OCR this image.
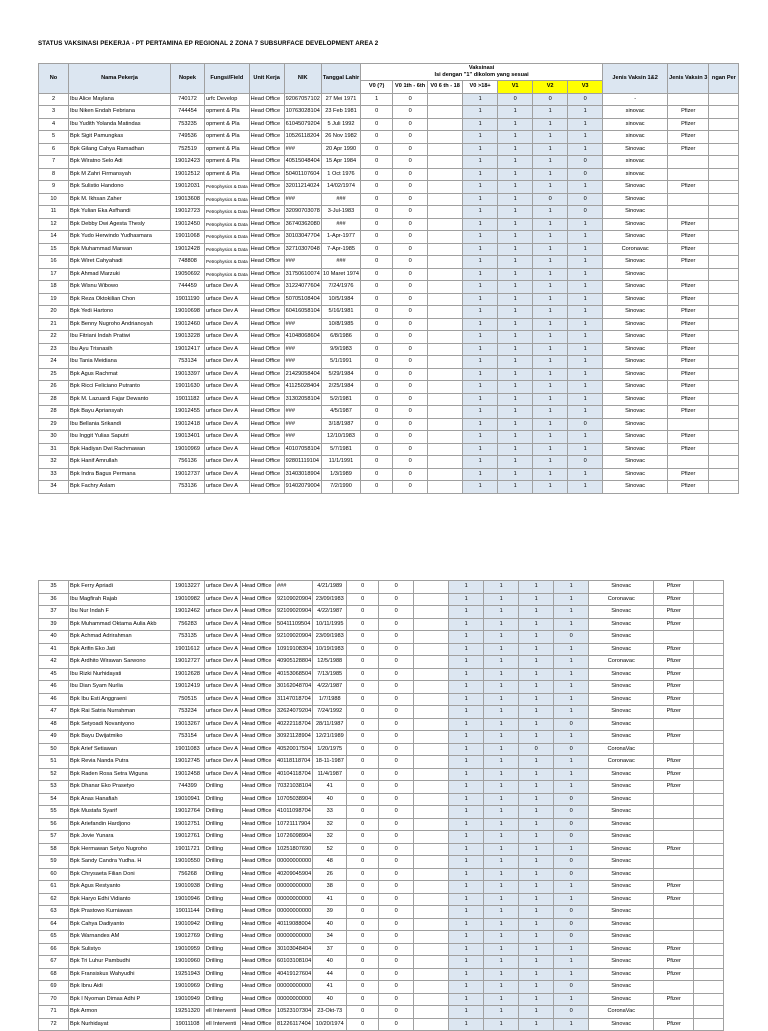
STATUS VAKSINASI PEKERJA - PT PERTAMINA EP REGIONAL 2 ZONA 7 SUBSURFACE DEVELOPMENT AREA 2
No	Nama Pekerja	Nopek	Fungsi/Field	Unit Kerja	NIK	Tanggal Lahir	Vaksinasi
Isi dengan "1" dikolom yang sesuai							Jenis Vaksin 1&2	Jenis Vaksin 3	ngan Per
							V0 (?)	V0 1th - 6th	V0 6 th - 18	V0 >18+	V1	V2	V3			
2	Ibu Alice Maylana	740172	urfc Develop	Head Office	92067057102	27 Mei 1971	1	0		1	0	0	0	-		
3	Ibu Niken Endah Febriana	744454	opment & Pla	Head Office	10763028104	23 Feb 1981	0	0		1	1	1	1	sinovac	Pfizer	
4	Ibu Yudith Yolanda Matindas	753235	opment & Pla	Head Office	61045079204	5 Juli 1992	0	0		1	1	1	1	sinovac	Pfizer	
5	Bpk Sigit Pamungkas	749536	opment & Pla	Head Office	10526118204	26 Nov 1982	0	0		1	1	1	1	sinovac	Pfizer	
6	Bpk Gilang Cahya Ramadhan	752519	opment & Pla	Head Office	###	20 Apr 1990	0	0		1	1	1	1	Sinovac	Pfizer	
7	Bpk Wiratno Selo Adi	19012423	opment & Pla	Head Office	40515048404	15 Apr 1984	0	0		1	1	1	0	sinovac		
8	Bpk M Zahri Firmansyah	19012512	opment & Pla	Head Office	50401107604	1 Oct 1976	0	0		1	1	1	0	sinovac		
9	Bpk Sulistio Handono	19012031	Petrophysics & Data	Head Office	32011214024	14/02/1974	0	0		1	1	1	1	Sinovac	Pfizer	
10	Bpk M. Ikhsan Zaher	19013608	Petrophysics & Data	Head Office	###	###	0	0		1	1	0	0	Sinovac		
11	Bpk Yulian Eka Asfhandi	19012723	Petrophysics & Data	Head Office	32090703078	3-Jul-1983	0	0		1	1	1	0	Sinovac		
12	Bpk Debby Dwi Agesta Thesly	19012450	Petrophysics & Data	Head Office	36740362080	###	0	0		1	1	1	1	Sinovac	Pfizer	
14	Bpk Yudo Herwindo Yudhasmara	19011068	Petrophysics & Data	Head Office	30103047704	1-Apr-1977	0	0		1	1	1	1	Sinovac	Pfizer	
15	Bpk Muhammad Marwan	19012428	Petrophysics & Data	Head Office	32710307048	7-Apr-1985	0	0		1	1	1	1	Coronavac	Pfizer	
16	Bpk Wiret Cahyahadi	748808	Petrophysics & Data	Head Office	###	###	0	0		1	1	1	1	Sinovac	Pfizer	
17	Bpk Ahmad Marzuki	19050692	Petrophysics & Data	Head Office	31750610074	10 Maret 1974	0	0		1	1	1	1	Sinovac		
18	Bpk Wisnu Wibowo	744459	urface Dev A	Head Office	31224077604	7/24/1976	0	0		1	1	1	1	Sinovac	Pfizer	
19	Bpk Reza Oktokilian Chon	19011190	urface Dev A	Head Office	50705108404	10/5/1984	0	0		1	1	1	1	Sinovac	Pfizer	
20	Bpk Yedi Hartono	19010698	urface Dev A	Head Office	60416058104	5/16/1981	0	0		1	1	1	1	Sinovac	Pfizer	
21	Bpk Benny Nugroho Andrianoyah	19012460	urface Dev A	Head Office	###	10/8/1985	0	0		1	1	1	1	Sinovac	Pfizer	
22	Ibu Fitriani Indah Pratiwi	19013228	urface Dev A	Head Office	41048068604	6/8/1986	0	0		1	1	1	1	Sinovac	Pfizer	
23	Ibu Ayu Trisnasih	19012417	urface Dev A	Head Office	###	9/9/1983	0	0		1	1	1	1	Sinovac	Pfizer	
24	Ibu Tania Meidiana	753134	urface Dev A	Head Office	###	5/1/1991	0	0		1	1	1	1	Sinovac	Pfizer	
25	Bpk Agus Rachmat	19013397	urface Dev A	Head Office	21429058404	5/29/1984	0	0		1	1	1	1	Sinovac	Pfizer	
26	Bpk Ricci Feliciano Putranto	19011630	urface Dev A	Head Office	41125028404	2/25/1984	0	0		1	1	1	1	Sinovac	Pfizer	
28	Bpk M. Lazuardi Fajar Dewanto	19011182	urface Dev A	Head Office	31302058104	5/2/1981	0	0		1	1	1	1	Sinovac	Pfizer	
28	Bpk Bayu Apriansyah	19012455	urface Dev A	Head Office	###	4/5/1987	0	0		1	1	1	1	Sinovac	Pfizer	
29	Ibu Bellania Srikandi	19012418	urface Dev A	Head Office	###	3/18/1987	0	0		1	1	1	0	Sinovac		
30	Ibu Inggit Yulias Saputri	19013401	urface Dev A	Head Office	###	12/10/1983	0	0		1	1	1	1	Sinovac	Pfizer	
31	Bpk Hadiyan Dwi Rachmawan	19010969	urface Dev A	Head Office	40107058104	5/7/1981	0	0		1	1	1	1	Sinovac	Pfizer	
32	Bpk Hanif Amrullah	756136	urface Dev A	Head Office	92801119104	11/1/1991	0	0		1	1	1	0	Sinovac		
33	Bpk Indra Bagus Permana	19012737	urface Dev A	Head Office	31403018904	1/3/1989	0	0		1	1	1	1	Sinovac	Pfizer	
34	Bpk Fachry Aslam	753136	urface Dev A	Head Office	91402079004	7/2/1990	0	0		1	1	1	1	Sinovac	Pfizer	
35	Bpk Ferry Apriadi	19013227	urface Dev A	Head Office	###	4/21/1989	0	0		1	1	1	1	Sinovac	Pfizer	
36	Ibu Magfirah Rajab	19010982	urface Dev A	Head Office	92109020904	23/09/1983	0	0		1	1	1	1	Coronavac	Pfizer	
37	Ibu Nur Indah F	19012462	urface Dev A	Head Office	92109020904	4/22/1987	0	0		1	1	1	1	Sinovac	Pfizer	
39	Bpk Muhammad Oktama Aulia Akb	756283	urface Dev A	Head Office	50411109504	10/11/1995	0	0		1	1	1	1	Sinovac	Pfizer	
40	Bpk Achmad Adrirahman	753135	urface Dev A	Head Office	92109020904	23/09/1983	0	0		1	1	1	0	Sinovac		
41	Bpk Arifin Eko Jati	19011612	urface Dev A	Head Office	10919108304	10/19/1983	0	0		1	1	1	1	Sinovac	Pfizer	
42	Bpk Ardhito Wirawan Sarwono	19012727	urface Dev A	Head Office	40905128804	12/5/1988	0	0		1	1	1	1	Coronavac	Pfizer	
45	Ibu Rizki Nurhidayati	19012628	urface Dev A	Head Office	40153068504	7/13/1985	0	0		1	1	1	1	Sinovac	Pfizer	
46	Ibu Dian Syam Nurlia	19012419	urface Dev A	Head Office	30162048704	4/22/1987	0	0		1	1	1	1	Sinovac	Pfizer	
46	Bpk Ibu Esti Anggraeni	750515	urface Dev A	Head Office	31147018704	1/7/1988	0	0		1	1	1	1	Sinovac	Pfizer	
47	Bpk Rai Satria Nurrahman	753234	urface Dev A	Head Office	32624079204	7/24/1992	0	0		1	1	1	1	Sinovac	Pfizer	
48	Bpk Setyoadi Novantyono	19013267	urface Dev A	Head Office	40222118704	28/11/1987	0	0		1	1	1	0	Sinovac		
49	Bpk Bayu Dwijatmiko	753154	urface Dev A	Head Office	30921128904	12/21/1989	0	0		1	1	1	1	Sinovac	Pfizer	
50	Bpk Arief Setiawan	19011083	urface Dev A	Head Office	40520017504	1/20/1975	0	0		1	1	0	0	CoronaVac		
51	Bpk Revia Nanda Putra	19012745	urface Dev A	Head Office	40118118704	18-11-1987	0	0		1	1	1	1	Coronavac	Pfizer	
52	Bpk Raden Rosa Setra Wiguna	19012458	urface Dev A	Head Office	40104118704	11/4/1987	0	0		1	1	1	1	Sinovac	Pfizer	
53	Bpk Dhanar Eko Prasetyo	744399	Drilling	Head Office	70321038104	41	0	0		1	1	1	1	Sinovac	Pfizer	
54	Bpk Anas Hanafiah	19010941	Drilling	Head Office	10705038904	40	0	0		1	1	1	0	Sinovac		
55	Bpk Mustafa Syarif	19012764	Drilling	Head Office	41011098704	33	0	0		1	1	1	0	Sinovac		
56	Bpk Ariefandin Hardjono	19012751	Drilling	Head Office	10721117904	32	0	0		1	1	1	0	Sinovac		
57	Bpk Jovie Yunara	19012761	Drilling	Head Office	10726098904	32	0	0		1	1	1	0	Sinovac		
58	Bpk Hermawan Setyo Nugroho	19011721	Drilling	Head Office	10251807690	52	0	0		1	1	1	1	Sinovac	Pfizer	
59	Bpk Sandy Candra Yudha. H	19010550	Drilling	Head Office	00000000000	48	0	0		1	1	1	0	Sinovac		
60	Bpk Chrysaeta Filian Doni	756268	Drilling	Head Office	40209045904	26	0	0		1	1	1	0	Sinovac		
61	Bpk Agus Restyanto	19010938	Drilling	Head Office	00000000000	38	0	0		1	1	1	1	Sinovac	Pfizer	
62	Bpk Haryo Edhi Vidianto	19010946	Drilling	Head Office	00000000000	41	0	0		1	1	1	1	Sinovac	Pfizer	
63	Bpk Prastowo Kurniawan	19011144	Drilling	Head Office	00000000000	39	0	0		1	1	1	0	Sinovac		
64	Bpk Cahya Dadiyanto	19010942	Drilling	Head Office	40119088004	40	0	0		1	1	1	0	Sinovac		
65	Bpk Warnandes AM	19012769	Drilling	Head Office	00000000000	34	0	0		1	1	1	0	Sinovac		
66	Bpk Sulistyo	19010959	Drilling	Head Office	30103048404	37	0	0		1	1	1	1	Sinovac	Pfizer	
67	Bpk Tri Luhur Pambudhi	19010960	Drilling	Head Office	60103108104	40	0	0		1	1	1	1	Sinovac	Pfizer	
68	Bpk Fransiskus Wahyudhi	19251943	Drilling	Head Office	40419127604	44	0	0		1	1	1	1	Sinovac	Pfizer	
69	Bpk Ibnu Aidi	19010969	Drilling	Head Office	00000000000	41	0	0		1	1	1	0	Sinovac		
70	Bpk I Nyoman Dimas Adhi P	19010949	Drilling	Head Office	00000000000	40	0	0		1	1	1	1	Sinovac	Pfizer	
71	Bpk Armon	19251320	ell Interventi	Head Office	10523107304	23-Okt-73	0	0		1	1	1	0	CoronaVac		
72	Bpk Nurhidayat	19011108	ell Interventi	Head Office	81226117404	10/20/1974	0	0		1	1	1	1	Sinovac	Pfizer	
